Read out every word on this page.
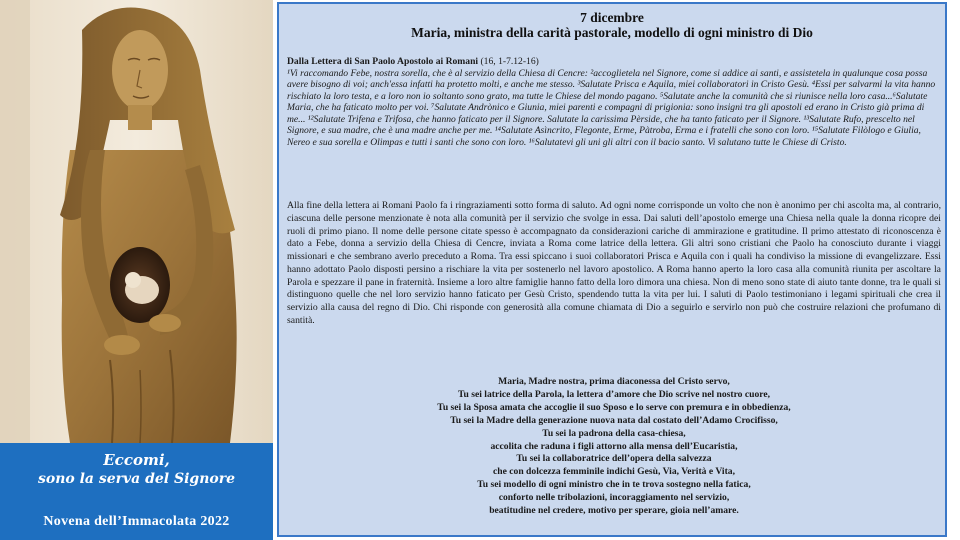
Eccomi,
sono la serva del Signore
Novena dell’Immacolata 2022
7 dicembre
Maria, ministra della carità pastorale, modello di ogni ministro di Dio
Dalla Lettera di San Paolo Apostolo ai Romani (16, 1-7.12-16)
¹Vi raccomando Febe, nostra sorella, che è al servizio della Chiesa di Cencre: ²accoglietela nel Signore, come si addice ai santi, e assistetela in qualunque cosa possa avere bisogno di voi; anch'essa infatti ha protetto molti, e anche me stesso. ³Salutate Prisca e Aquila, miei collaboratori in Cristo Gesù. ⁴Essi per salvarmi la vita hanno rischiato la loro testa, e a loro non io soltanto sono grato, ma tutte le Chiese del mondo pagano. ⁵Salutate anche la comunità che si riunisce nella loro casa...⁶Salutate Maria, che ha faticato molto per voi. ⁷Salutate Andrònico e Giunia, miei parenti e compagni di prigionia: sono insigni tra gli apostoli ed erano in Cristo già prima di me... ¹²Salutate Trifena e Trifosa, che hanno faticato per il Signore. Salutate la carissima Pèrside, che ha tanto faticato per il Signore. ¹³Salutate Rufo, prescelto nel Signore, e sua madre, che è una madre anche per me. ¹⁴Salutate Asìncrito, Flegonte, Erme, Pàtroba, Erma e i fratelli che sono con loro. ¹⁵Salutate Filòlogo e Giulia, Nereo e sua sorella e Olimpas e tutti i santi che sono con loro. ¹⁶Salutatevi gli uni gli altri con il bacio santo. Vi salutano tutte le Chiese di Cristo.
Alla fine della lettera ai Romani Paolo fa i ringraziamenti sotto forma di saluto. Ad ogni nome corrisponde un volto che non è anonimo per chi ascolta ma, al contrario, ciascuna delle persone menzionate è nota alla comunità per il servizio che svolge in essa. Dai saluti dell’apostolo emerge una Chiesa nella quale la donna ricopre dei ruoli di primo piano. Il nome delle persone citate spesso è accompagnato da considerazioni cariche di ammirazione e gratitudine. Il primo attestato di riconoscenza è dato a Febe, donna a servizio della Chiesa di Cencre, inviata a Roma come latrice della lettera. Gli altri sono cristiani che Paolo ha conosciuto durante i viaggi missionari e che sembrano averlo preceduto a Roma. Tra essi spiccano i suoi collaboratori Prisca e Aquila con i quali ha condiviso la missione di evangelizzare. Essi hanno adottato Paolo disposti persino a rischiare la vita per sostenerlo nel lavoro apostolico. A Roma hanno aperto la loro casa alla comunità riunita per ascoltare la Parola e spezzare il pane in fraternità. Insieme a loro altre famiglie hanno fatto della loro dimora una chiesa. Non di meno sono state di aiuto tante donne, tra le quali si distinguono quelle che nel loro servizio hanno faticato per Gesù Cristo, spendendo tutta la vita per lui. I saluti di Paolo testimoniano i legami spirituali che crea il servizio alla causa del regno di Dio. Chi risponde con generosità alla comune chiamata di Dio a seguirlo e servirlo non può che costruire relazioni che profumano di santità.
Maria, Madre nostra, prima diaconessa del Cristo servo,
Tu sei latrice della Parola, la lettera d’amore che Dio scrive nel nostro cuore,
Tu sei la Sposa amata che accoglie il suo Sposo e lo serve con premura e in obbedienza,
Tu sei la Madre della generazione nuova nata dal costato dell’Adamo Crocifisso,
Tu sei la padrona della casa-chiesa,
accolita che raduna i figli attorno alla mensa dell’Eucaristia,
Tu sei la collaboratrice dell’opera della salvezza
che con dolcezza femminile indichi Gesù, Via, Verità e Vita,
Tu sei modello di ogni ministro che in te trova sostegno nella fatica,
conforto nelle tribolazioni, incoraggiamento nel servizio,
beatitudine nel credere, motivo per sperare, gioia nell’amare.
